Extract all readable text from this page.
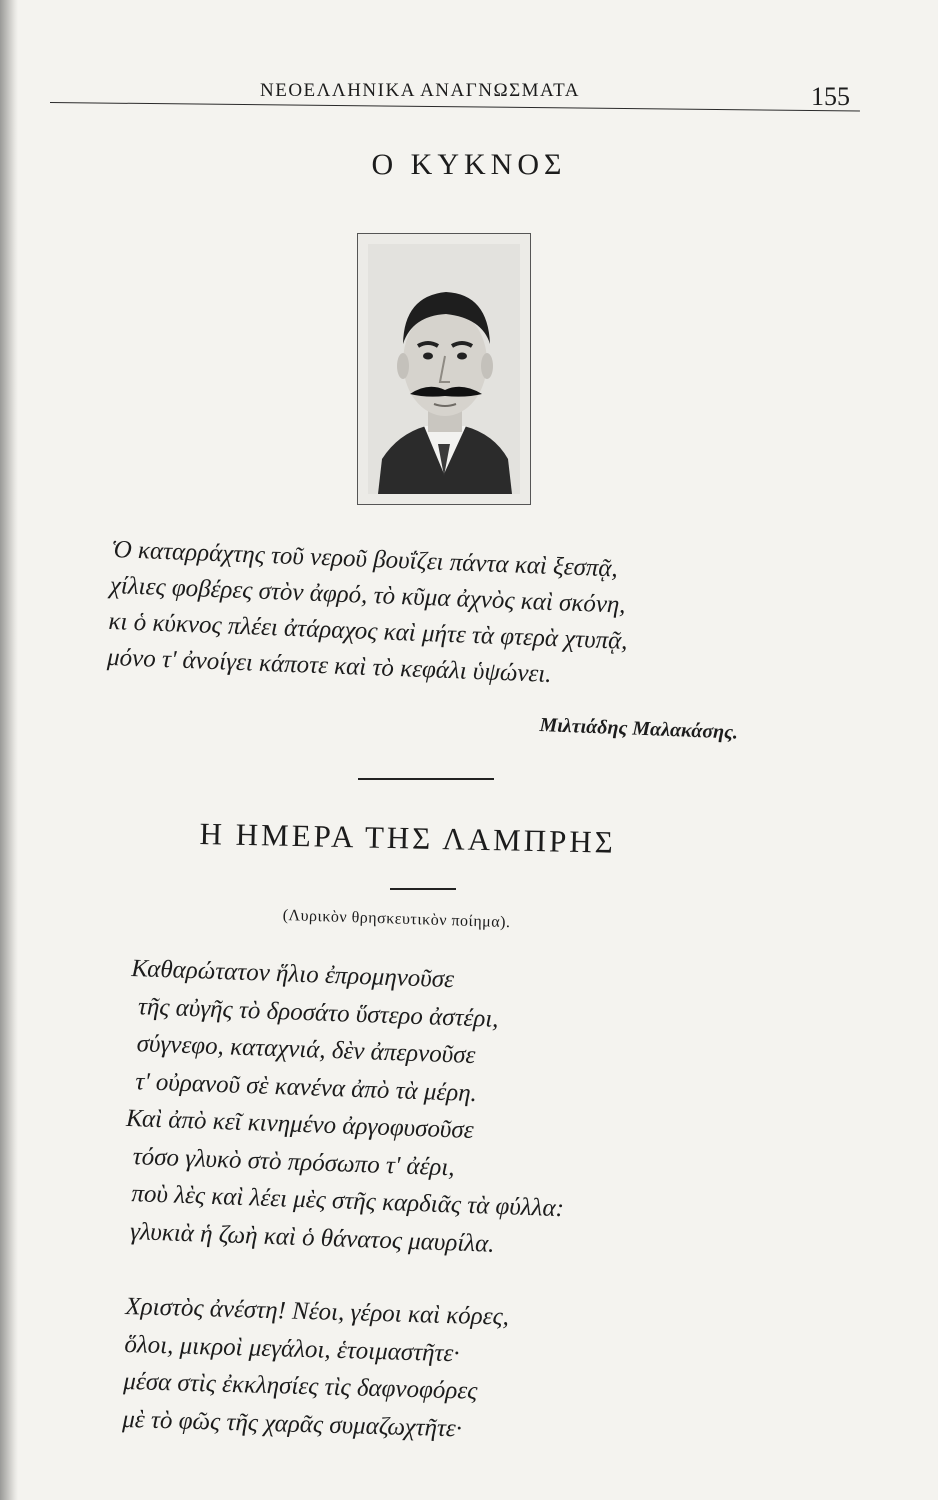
ΝΕΟΕΛΛΗΝΙΚΑ ΑΝΑΓΝΩΣΜΑΤΑ	155
Ο ΚΥΚΝΟΣ
Ὁ καταρράχτης τοῦ νεροῦ βουΐζει πάντα καὶ ξεσπᾷ,
χίλιες φοβέρες στὸν ἀφρό, τὸ κῦμα ἀχνὸς καὶ σκόνη,
κι ὁ κύκνος πλέει ἀτάραχος καὶ μήτε τὰ φτερὰ χτυπᾷ,
μόνο τ' ἀνοίγει κάποτε καὶ τὸ κεφάλι ὑψώνει.
Μιλτιάδης Μαλακάσης.
Η ΗΜΕΡΑ ΤΗΣ ΛΑΜΠΡΗΣ
(Λυρικὸν θρησκευτικὸν ποίημα).
Καθαρώτατον ἥλιο ἐπρομηνοῦσε
τῆς αὐγῆς τὸ δροσάτο ὕστερο ἀστέρι,
σύγνεφο, καταχνιά, δὲν ἀπερνοῦσε
τ' οὐρανοῦ σὲ κανένα ἀπὸ τὰ μέρη.
Καὶ ἀπὸ κεῖ κινημένο ἀργοφυσοῦσε
τόσο γλυκὸ στὸ πρόσωπο τ' ἀέρι,
ποὺ λὲς καὶ λέει μὲς στῆς καρδιᾶς τὰ φύλλα:
γλυκιὰ ἡ ζωὴ καὶ ὁ θάνατος μαυρίλα.
Χριστὸς ἀνέστη! Νέοι, γέροι καὶ κόρες,
ὅλοι, μικροὶ μεγάλοι, ἑτοιμαστῆτε·
μέσα στὶς ἐκκλησίες τὶς δαφνοφόρες
μὲ τὸ φῶς τῆς χαρᾶς συμαζωχτῆτε·
